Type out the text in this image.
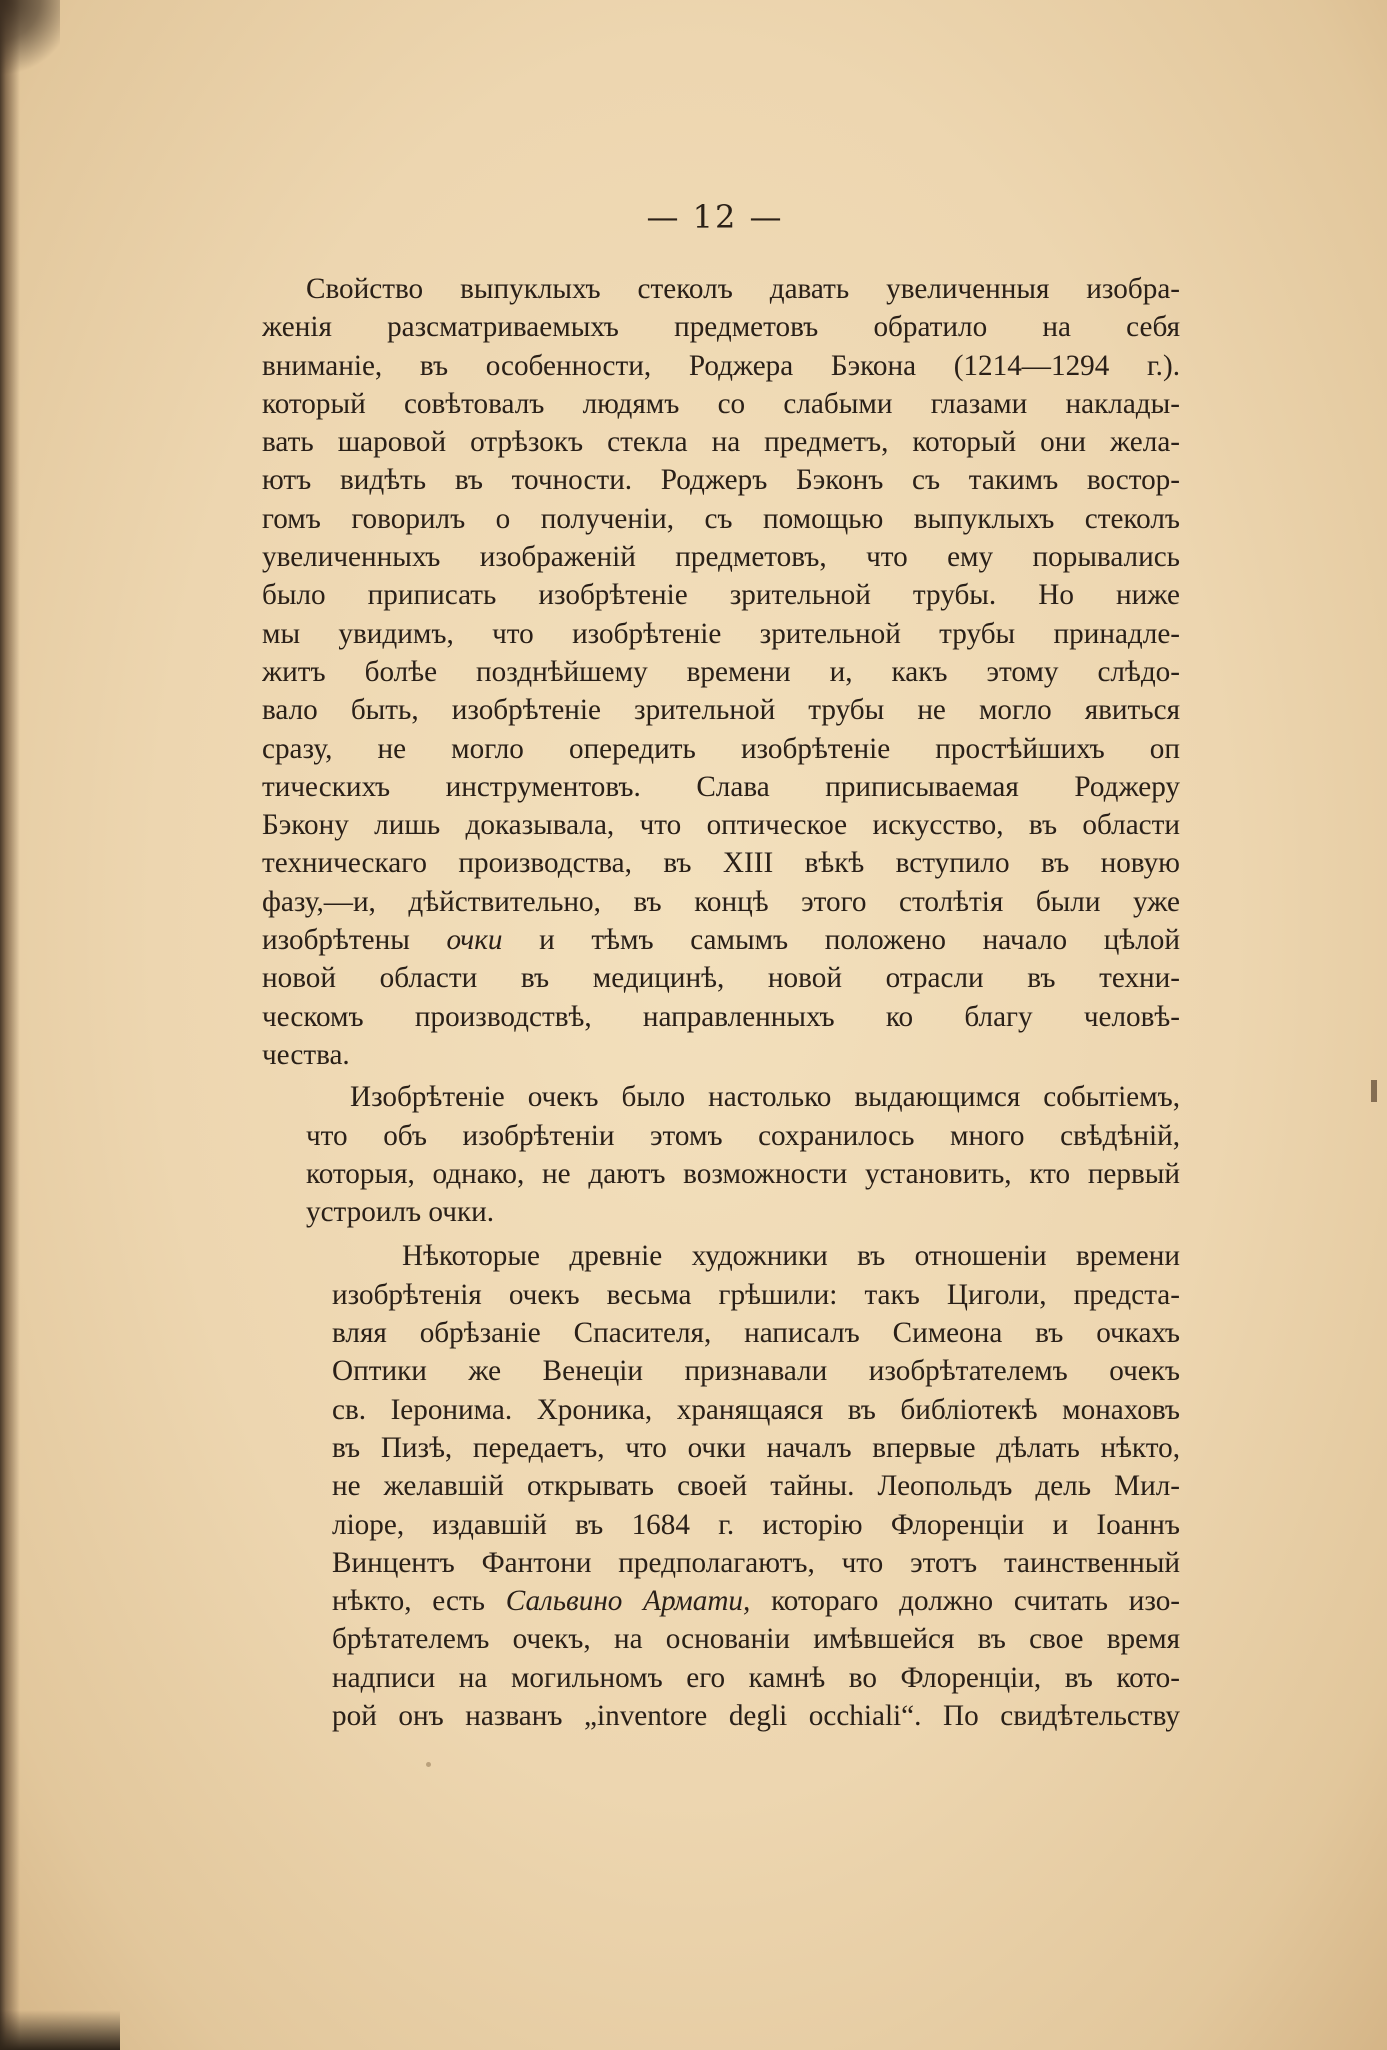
— 12 —
Свойство выпуклыхъ стеколъ давать увеличенныя изобра-
женія разсматриваемыхъ предметовъ обратило на себя
вниманіе, въ особенности, Роджера Бэкона (1214—1294 г.).
который совѣтовалъ людямъ со слабыми глазами наклады-
вать шаровой отрѣзокъ стекла на предметъ, который они жела-
ютъ видѣть въ точности. Роджеръ Бэконъ съ такимъ востор-
гомъ говорилъ о полученіи, съ помощью выпуклыхъ стеколъ
увеличенныхъ изображеній предметовъ, что ему порывались
было приписать изобрѣтеніе зрительной трубы. Но ниже
мы увидимъ, что изобрѣтеніе зрительной трубы принадле-
житъ болѣе позднѣйшему времени и, какъ этому слѣдо-
вало быть, изобрѣтеніе зрительной трубы не могло явиться
сразу, не могло опередить изобрѣтеніе простѣйшихъ оп
тическихъ инструментовъ. Слава приписываемая Роджеру
Бэкону лишь доказывала, что оптическое искусство, въ области
техническаго производства, въ XIII вѣкѣ вступило въ новую
фазу,—и, дѣйствительно, въ концѣ этого столѣтія были уже
изобрѣтены очки и тѣмъ самымъ положено начало цѣлой
новой области въ медицинѣ, новой отрасли въ техни-
ческомъ производствѣ, направленныхъ ко благу человѣ-
чества.
Изобрѣтеніе очекъ было настолько выдающимся событіемъ,
что объ изобрѣтеніи этомъ сохранилось много свѣдѣній,
которыя, однако, не даютъ возможности установить, кто первый
устроилъ очки.
Нѣкоторые древніе художники въ отношеніи времени
изобрѣтенія очекъ весьма грѣшили: такъ Циголи, предста-
вляя обрѣзаніе Спасителя, написалъ Симеона въ очкахъ
Оптики же Венеціи признавали изобрѣтателемъ очекъ
св. Іеронима. Хроника, хранящаяся въ библіотекѣ монаховъ
въ Пизѣ, передаетъ, что очки началъ впервые дѣлать нѣкто,
не желавшій открывать своей тайны. Леопольдъ дель Мил-
ліоре, издавшій въ 1684 г. исторію Флоренціи и Іоаннъ
Винцентъ Фантони предполагаютъ, что этотъ таинственный
нѣкто, есть Сальвино Армати, котораго должно считать изо-
брѣтателемъ очекъ, на основаніи имѣвшейся въ свое время
надписи на могильномъ его камнѣ во Флоренціи, въ кото-
рой онъ названъ „inventore degli occhiali“. По свидѣтельству
